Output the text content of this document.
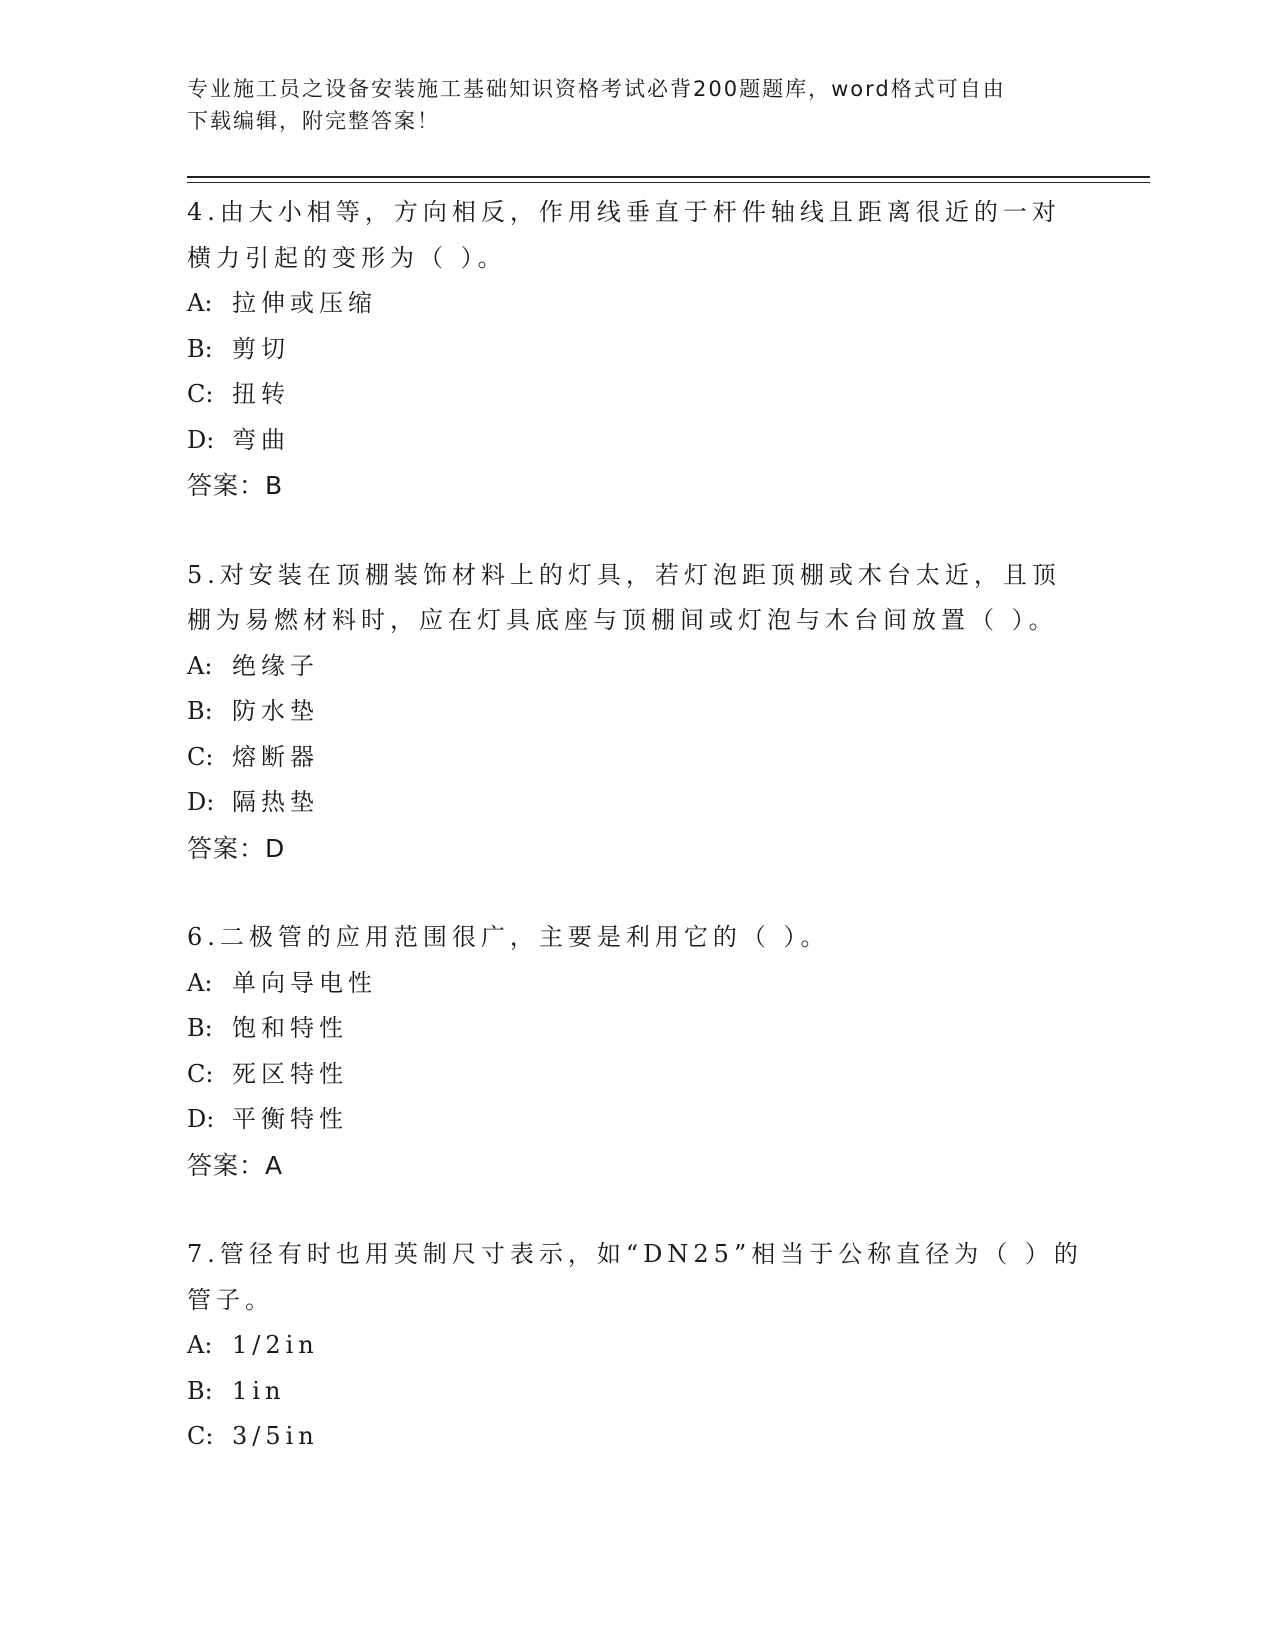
专业施工员之设备安装施工基础知识资格考试必背200题题库，word格式可自由
下载编辑，附完整答案！
4.由大小相等，方向相反，作用线垂直于杆件轴线且距离很近的一对
横力引起的变形为（ ）。
A: 拉伸或压缩
B: 剪切
C: 扭转
D: 弯曲
答案：B
5.对安装在顶棚装饰材料上的灯具，若灯泡距顶棚或木台太近，且顶
棚为易燃材料时，应在灯具底座与顶棚间或灯泡与木台间放置（ ）。
A: 绝缘子
B: 防水垫
C: 熔断器
D: 隔热垫
答案：D
6.二极管的应用范围很广，主要是利用它的（ ）。
A: 单向导电性
B: 饱和特性
C: 死区特性
D: 平衡特性
答案：A
7.管径有时也用英制尺寸表示，如“DN25”相当于公称直径为（ ）的
管子。
A: 1/2in
B: 1in
C: 3/5in
